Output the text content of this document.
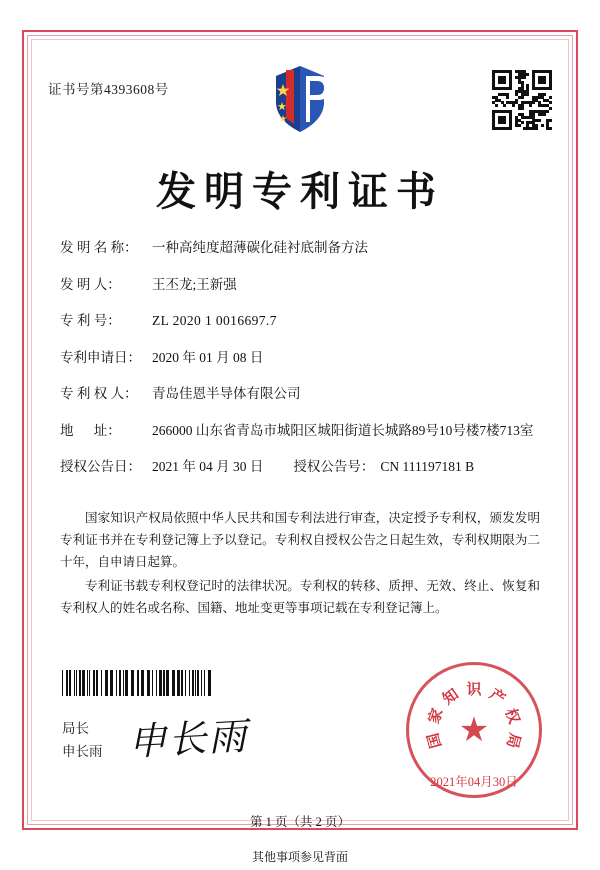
证书号第4393608号
发明专利证书
发 明 名 称：	一种高纯度超薄碳化硅衬底制备方法
发 明 人：	王丕龙;王新强
专 利 号：	ZL 2020 1 0016697.7
专利申请日： 2020 年 01 月 08 日
专 利 权 人：	青岛佳恩半导体有限公司
地      址：	266000 山东省青岛市城阳区城阳街道长城路89号10号楼7楼713室
授权公告日： 2021 年 04 月 30 日 授权公告号： CN 111197181 B

国家知识产权局依照中华人民共和国专利法进行审查，决定授予专利权，颁发发明专利证书并在专利登记簿上予以登记。专利权自授权公告之日起生效，专利权期限为二十年，自申请日起算。

专利证书载专利权登记时的法律状况。专利权的转移、质押、无效、终止、恢复和专利权人的姓名或名称、国籍、地址变更等事项记载在专利登记簿上。

局长
申长雨 申长雨	国
家
知 识 产
权
局
★
2021年04月30日
第 1 页（共 2 页）
其他事项参见背面
